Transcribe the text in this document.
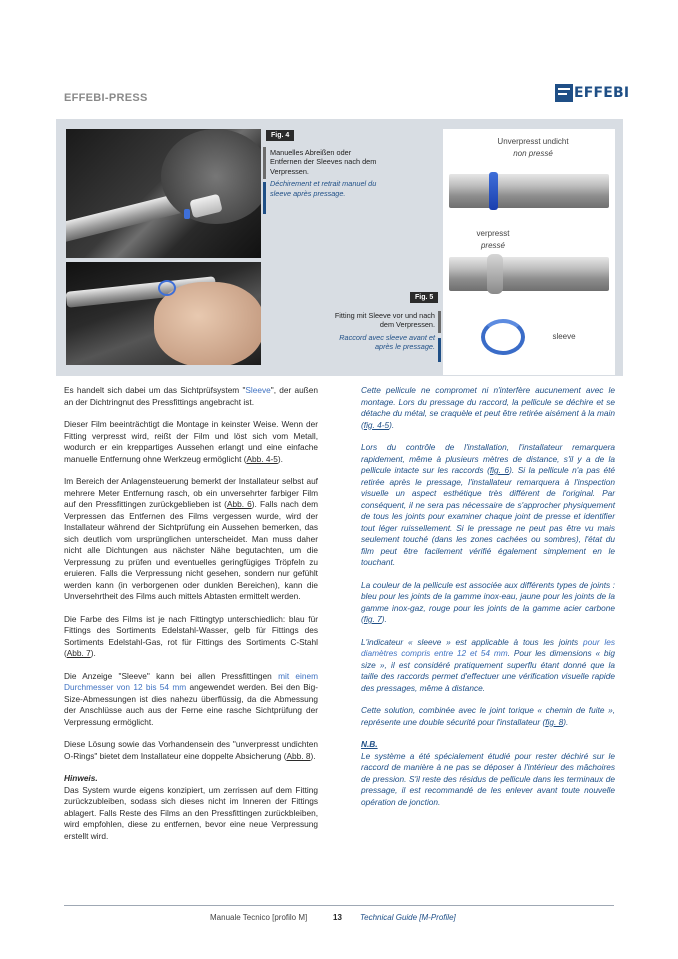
EFFEBI-PRESS	EFFEBI
Fig. 4
Manuelles Abreißen oder Entfernen der Sleeves nach dem Verpressen.
Déchirement et retrait manuel du sleeve après pressage.
Fig. 5
Fitting mit Sleeve vor und nach dem Verpressen.
Raccord avec sleeve avant et après le pressage.
Unverpresst undicht
non pressé
verpresst
pressé
sleeve

Es handelt sich dabei um das Sichtprüfsystem "Sleeve", der außen an der Dichtringnut des Pressfittings angebracht ist.

Dieser Film beeinträchtigt die Montage in keinster Weise. Wenn der Fitting verpresst wird, reißt der Film und löst sich vom Metall, wodurch er ein kreppartiges Aussehen erlangt und eine einfache manuelle Entfernung ohne Werkzeug ermöglicht (Abb. 4-5).

Im Bereich der Anlagensteuerung bemerkt der Installateur selbst auf mehrere Meter Entfernung rasch, ob ein unversehrter farbiger Film auf den Pressfittingen zurückgeblieben ist (Abb. 6). Falls nach dem Verpressen das Entfernen des Films vergessen wurde, wird der Installateur während der Sichtprüfung ein Aussehen bemerken, das sich deutlich vom ursprünglichen unterscheidet. Man muss daher nicht alle Dichtungen aus nächster Nähe begutachten, um die Verpressung zu prüfen und eventuelles geringfügiges Tröpfeln zu eruieren. Falls die Verpressung nicht gesehen, sondern nur gefühlt werden kann (in verborgenen oder dunklen Bereichen), kann die Unversehrtheit des Films auch mittels Abtasten ermittelt werden.

Die Farbe des Films ist je nach Fittingtyp unterschiedlich: blau für Fittings des Sortiments Edelstahl-Wasser, gelb für Fittings des Sortiments Edelstahl-Gas, rot für Fittings des Sortiments C-Stahl (Abb. 7).

Die Anzeige "Sleeve" kann bei allen Pressfittingen mit einem Durchmesser von 12 bis 54 mm angewendet werden. Bei den Big-Size-Abmessungen ist dies nahezu überflüssig, da die Abmessung der Anschlüsse auch aus der Ferne eine rasche Sichtprüfung der Verpressung ermöglicht.

Diese Lösung sowie das Vorhandensein des "unverpresst undichten O-Rings" bietet dem Installateur eine doppelte Absicherung (Abb. 8).

Hinweis.

Das System wurde eigens konzipiert, um zerrissen auf dem Fitting zurückzubleiben, sodass sich dieses nicht im Inneren der Fittings ablagert. Falls Reste des Films an den Pressfittingen zurückbleiben, wird empfohlen, diese zu entfernen, bevor eine neue Verpressung erstellt wird.

Cette pellicule ne compromet ni n'interfère aucunement avec le montage. Lors du pressage du raccord, la pellicule se déchire et se détache du métal, se craquèle et peut être retirée aisément à la main (fig. 4-5).

Lors du contrôle de l'installation, l'installateur remarquera rapidement, même à plusieurs mètres de distance, s'il y a de la pellicule intacte sur les raccords (fig. 6). Si la pellicule n'a pas été retirée après le pressage, l'installateur remarquera à l'inspection visuelle un aspect esthétique très différent de l'original. Par conséquent, il ne sera pas nécessaire de s'approcher physiquement de tous les joints pour examiner chaque joint de presse et identifier tout léger ruissellement. Si le pressage ne peut pas être vu mais seulement touché (dans les zones cachées ou sombres), l'état du film peut être facilement vérifié également simplement en le touchant.

La couleur de la pellicule est associée aux différents types de joints : bleu pour les joints de la gamme inox-eau, jaune pour les joints de la gamme inox-gaz, rouge pour les joints de la gamme acier carbone (fig. 7).

L'indicateur « sleeve » est applicable à tous les joints pour les diamètres compris entre 12 et 54 mm. Pour les dimensions « big size », il est considéré pratiquement superflu étant donné que la taille des raccords permet d'effectuer une vérification visuelle rapide des pressages, même à distance.

Cette solution, combinée avec le joint torique « chemin de fuite », représente une double sécurité pour l'installateur (fig. 8).

N.B.

Le système a été spécialement étudié pour rester déchiré sur le raccord de manière à ne pas se déposer à l'intérieur des mâchoires de pression. S'il reste des résidus de pellicule dans les terminaux de pressage, il est recommandé de les enlever avant toute nouvelle opération de jonction.

Manuale Tecnico [profilo M]	13 Technical Guide [M-Profile]
